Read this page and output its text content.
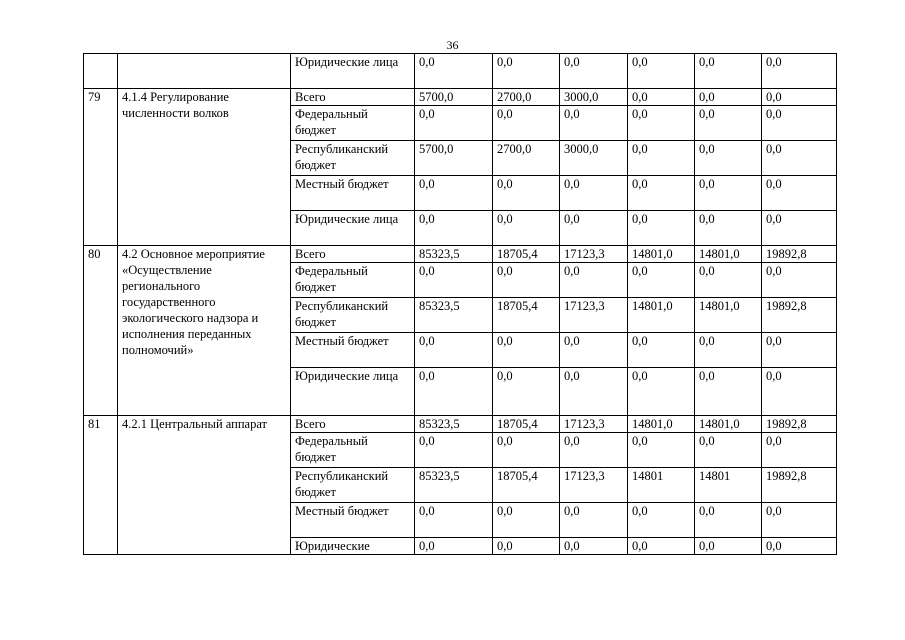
36
		Юридические лица	0,0	0,0	0,0	0,0	0,0	0,0
79	4.1.4 Регулирование численности волков	Всего	5700,0	2700,0	3000,0	0,0	0,0	0,0
		Федеральный бюджет	0,0	0,0	0,0	0,0	0,0	0,0
		Республиканский бюджет	5700,0	2700,0	3000,0	0,0	0,0	0,0
		Местный бюджет	0,0	0,0	0,0	0,0	0,0	0,0
		Юридические лица	0,0	0,0	0,0	0,0	0,0	0,0
80	4.2 Основное мероприятие «Осуществление регионального государственного экологического надзора и исполнения переданных полномочий»	Всего	85323,5	18705,4	17123,3	14801,0	14801,0	19892,8
		Федеральный бюджет	0,0	0,0	0,0	0,0	0,0	0,0
		Республиканский бюджет	85323,5	18705,4	17123,3	14801,0	14801,0	19892,8
		Местный бюджет	0,0	0,0	0,0	0,0	0,0	0,0
		Юридические лица	0,0	0,0	0,0	0,0	0,0	0,0
81	4.2.1 Центральный аппарат	Всего	85323,5	18705,4	17123,3	14801,0	14801,0	19892,8
		Федеральный бюджет	0,0	0,0	0,0	0,0	0,0	0,0
		Республиканский бюджет	85323,5	18705,4	17123,3	14801	14801	19892,8
		Местный бюджет	0,0	0,0	0,0	0,0	0,0	0,0
		Юридические	0,0	0,0	0,0	0,0	0,0	0,0
